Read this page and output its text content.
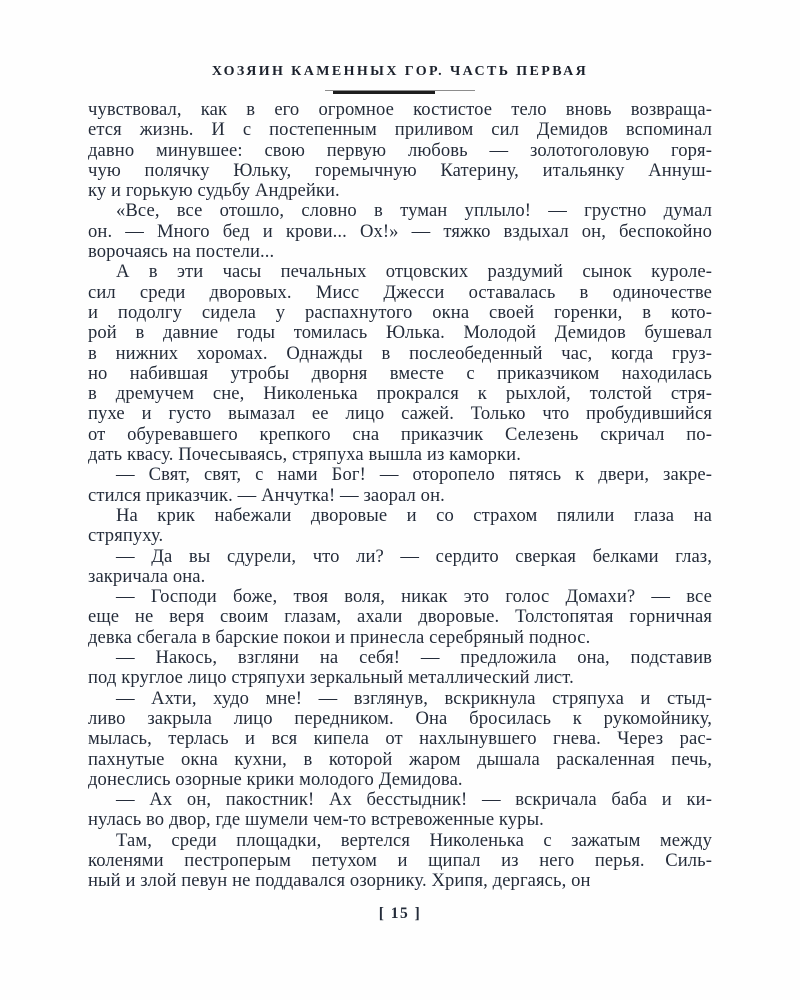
ХОЗЯИН КАМЕННЫХ ГОР. ЧАСТЬ ПЕРВАЯ
чувствовал, как в его огромное костистое тело вновь возвраща-
ется жизнь. И с постепенным приливом сил Демидов вспоминал
давно минувшее: свою первую любовь — золотоголовую горя-
чую полячку Юльку, горемычную Катерину, итальянку Аннуш-
ку и горькую судьбу Андрейки.
«Все, все отошло, словно в туман уплыло! — грустно думал
он. — Много бед и крови... Ох!» — тяжко вздыхал он, беспокойно
ворочаясь на постели...
А в эти часы печальных отцовских раздумий сынок куроле-
сил среди дворовых. Мисс Джесси оставалась в одиночестве
и подолгу сидела у распахнутого окна своей горенки, в кото-
рой в давние годы томилась Юлька. Молодой Демидов бушевал
в нижних хоромах. Однажды в послеобеденный час, когда груз-
но набившая утробы дворня вместе с приказчиком находилась
в дремучем сне, Николенька прокрался к рыхлой, толстой стря-
пухе и густо вымазал ее лицо сажей. Только что пробудившийся
от обуревавшего крепкого сна приказчик Селезень скричал по-
дать квасу. Почесываясь, стряпуха вышла из каморки.
— Свят, свят, с нами Бог! — оторопело пятясь к двери, закре-
стился приказчик. — Анчутка! — заорал он.
На крик набежали дворовые и со страхом пялили глаза на
стряпуху.
— Да вы сдурели, что ли? — сердито сверкая белками глаз,
закричала она.
— Господи боже, твоя воля, никак это голос Домахи? — все
еще не веря своим глазам, ахали дворовые. Толстопятая горничная
девка сбегала в барские покои и принесла серебряный поднос.
— Накось, взгляни на себя! — предложила она, подставив
под круглое лицо стряпухи зеркальный металлический лист.
— Ахти, худо мне! — взглянув, вскрикнула стряпуха и стыд-
ливо закрыла лицо передником. Она бросилась к рукомойнику,
мылась, терлась и вся кипела от нахлынувшего гнева. Через рас-
пахнутые окна кухни, в которой жаром дышала раскаленная печь,
донеслись озорные крики молодого Демидова.
— Ах он, пакостник! Ах бесстыдник! — вскричала баба и ки-
нулась во двор, где шумели чем-то встревоженные куры.
Там, среди площадки, вертелся Николенька с зажатым между
коленями пестроперым петухом и щипал из него перья. Силь-
ный и злой певун не поддавался озорнику. Хрипя, дергаясь, он
[ 15 ]
